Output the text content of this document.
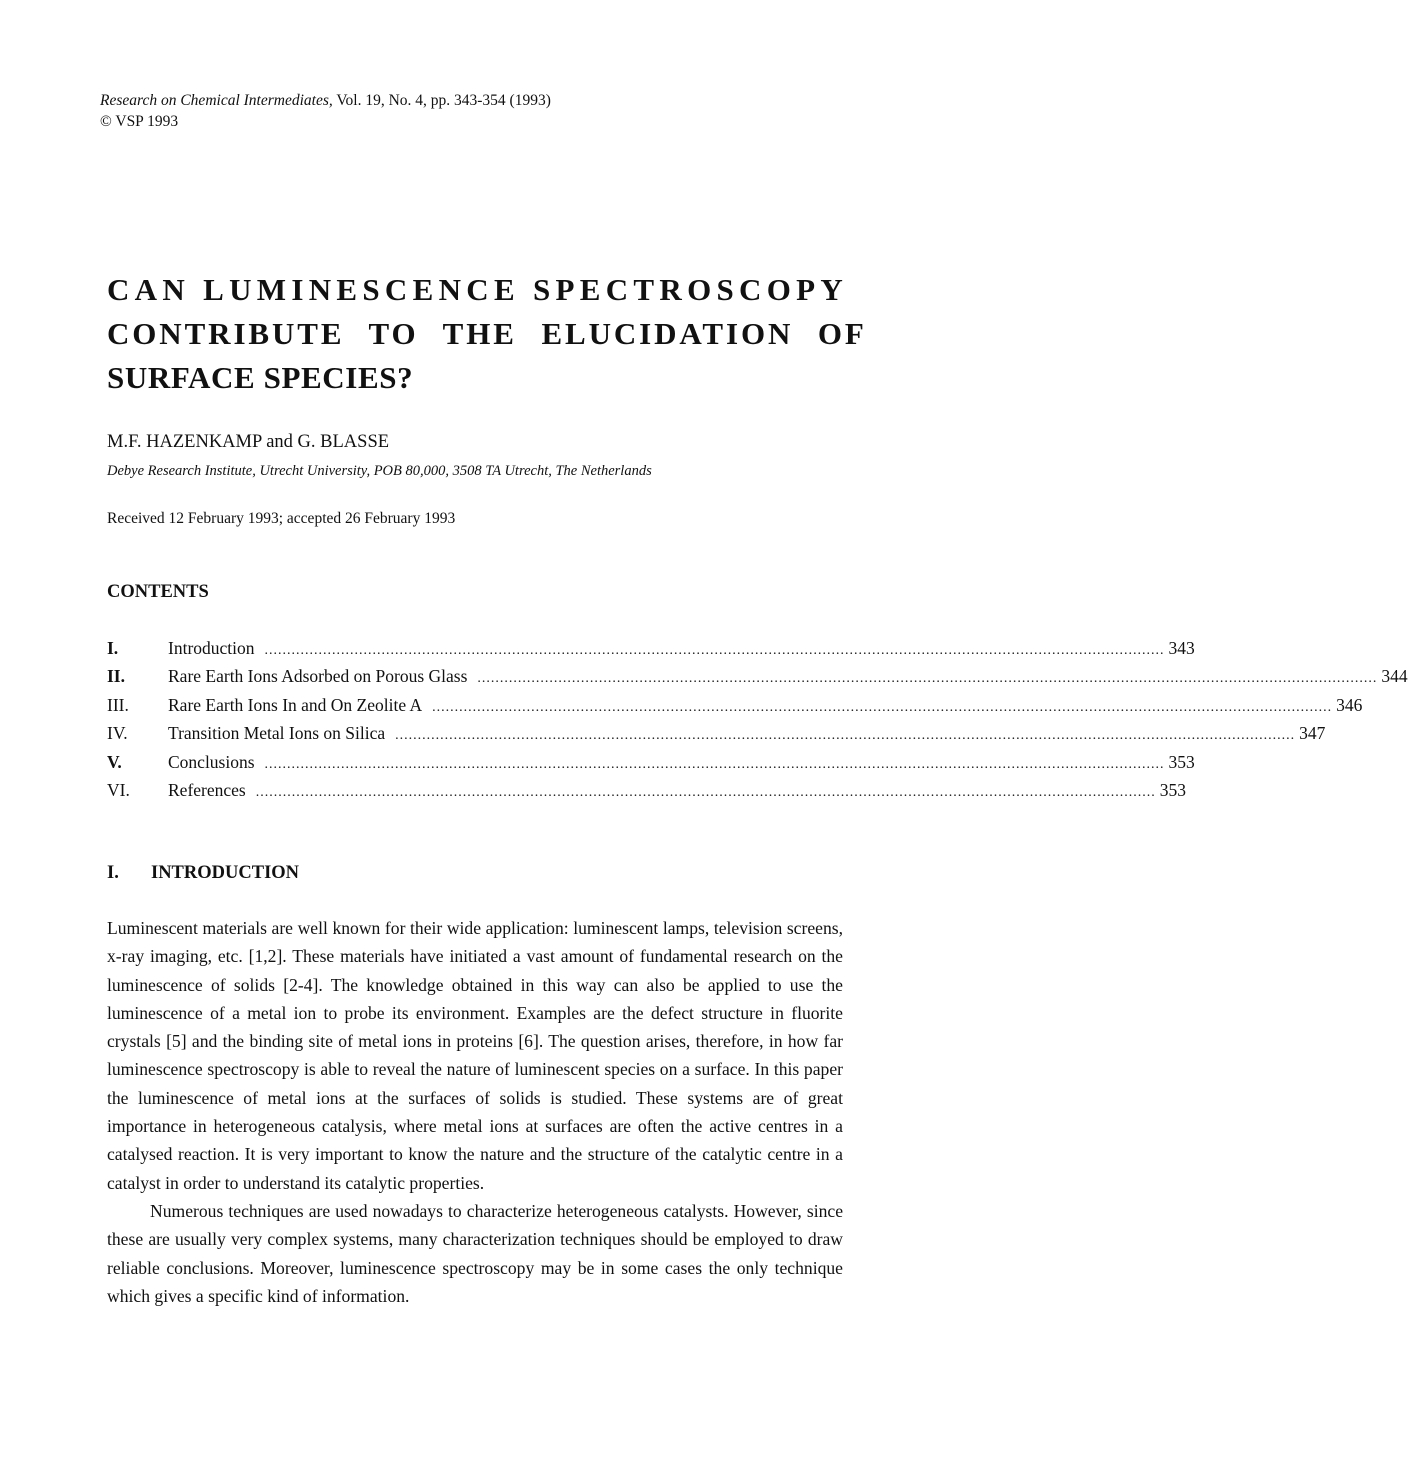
Research on Chemical Intermediates, Vol. 19, No. 4, pp. 343-354 (1993)
© VSP 1993
CAN LUMINESCENCE SPECTROSCOPY
CONTRIBUTE TO THE ELUCIDATION OF
SURFACE SPECIES?
M.F. HAZENKAMP and G. BLASSE
Debye Research Institute, Utrecht University, POB 80,000, 3508 TA Utrecht, The Netherlands
Received 12 February 1993; accepted 26 February 1993
CONTENTS
I.	Introduction ........................................................................................................................................................................................................ 343
II.	Rare Earth Ions Adsorbed on Porous Glass ........................................................................................................................................................................................................ 344
III.	Rare Earth Ions In and On Zeolite A ........................................................................................................................................................................................................ 346
IV.	Transition Metal Ions on Silica ........................................................................................................................................................................................................ 347
V.	Conclusions ........................................................................................................................................................................................................ 353
VI.	References ........................................................................................................................................................................................................ 353
I. INTRODUCTION

Luminescent materials are well known for their wide application: luminescent lamps, television screens, x-ray imaging, etc. [1,2]. These materials have initiated a vast amount of fundamental research on the luminescence of solids [2-4]. The knowledge obtained in this way can also be applied to use the luminescence of a metal ion to probe its environment. Examples are the defect structure in fluorite crystals [5] and the binding site of metal ions in proteins [6]. The question arises, therefore, in how far luminescence spectroscopy is able to reveal the nature of luminescent species on a surface. In this paper the luminescence of metal ions at the surfaces of solids is studied. These systems are of great importance in heterogeneous catalysis, where metal ions at surfaces are often the active centres in a catalysed reaction. It is very important to know the nature and the structure of the catalytic centre in a catalyst in order to understand its catalytic properties.

Numerous techniques are used nowadays to characterize heterogeneous catalysts. However, since these are usually very complex systems, many characterization techniques should be employed to draw reliable conclusions. Moreover, luminescence spectroscopy may be in some cases the only technique which gives a specific kind of information.
